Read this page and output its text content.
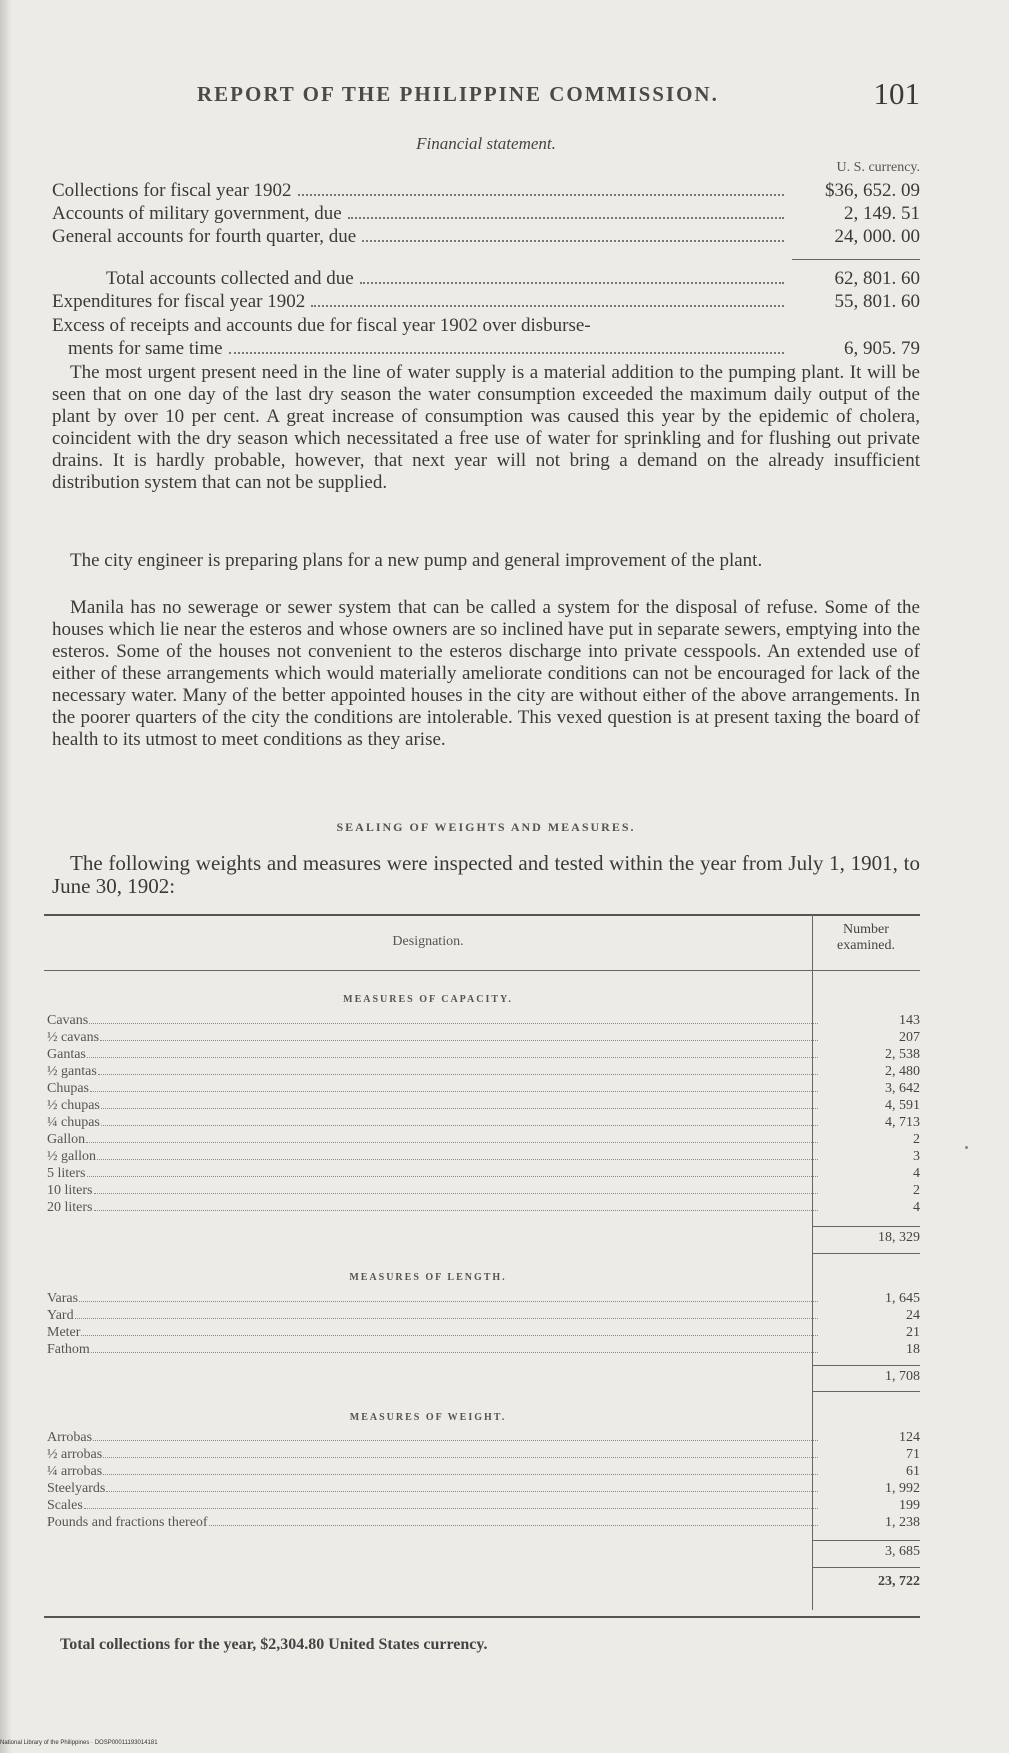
REPORT OF THE PHILIPPINE COMMISSION.	101
Financial statement.
U. S. currency.
Collections for fiscal year 1902	$36, 652. 09
Accounts of military government, due	2, 149. 51
General accounts for fourth quarter, due	24, 000. 00
Total accounts collected and due	62, 801. 60
Expenditures for fiscal year 1902	55, 801. 60
Excess of receipts and accounts due for fiscal year 1902 over disburse-
ments for same time	6, 905. 79

The most urgent present need in the line of water supply is a material addition to the pumping plant. It will be seen that on one day of the last dry season the water consumption exceeded the maximum daily output of the plant by over 10 per cent. A great increase of consumption was caused this year by the epidemic of cholera, coincident with the dry season which necessitated a free use of water for sprinkling and for flushing out private drains. It is hardly probable, however, that next year will not bring a demand on the already insufficient distribution system that can not be supplied.

The city engineer is preparing plans for a new pump and general improvement of the plant.

Manila has no sewerage or sewer system that can be called a system for the disposal of refuse. Some of the houses which lie near the esteros and whose owners are so inclined have put in separate sewers, emptying into the esteros. Some of the houses not convenient to the esteros discharge into private cesspools. An extended use of either of these arrangements which would materially ameliorate conditions can not be encouraged for lack of the necessary water. Many of the better appointed houses in the city are without either of the above arrangements. In the poorer quarters of the city the conditions are intolerable. This vexed question is at present taxing the board of health to its utmost to meet conditions as they arise.

SEALING OF WEIGHTS AND MEASURES.

The following weights and measures were inspected and tested within the year from July 1, 1901, to June 30, 1902:

Designation.
Number
examined.
MEASURES OF CAPACITY.
Cavans	143
½ cavans	207
Gantas	2, 538
½ gantas	2, 480
Chupas	3, 642
½ chupas	4, 591
¼ chupas	4, 713
Gallon	2
½ gallon	3
5 liters	4
10 liters	2
20 liters	4
18, 329
MEASURES OF LENGTH.
Varas	1, 645
Yard	24
Meter	21
Fathom	18
1, 708
MEASURES OF WEIGHT.
Arrobas	124
½ arrobas	71
¼ arrobas	61
Steelyards	1, 992
Scales	199
Pounds and fractions thereof	1, 238
3, 685
23, 722
Total collections for the year, $2,304.80 United States currency.
National Library of the Philippines · DOSP00011193014181
